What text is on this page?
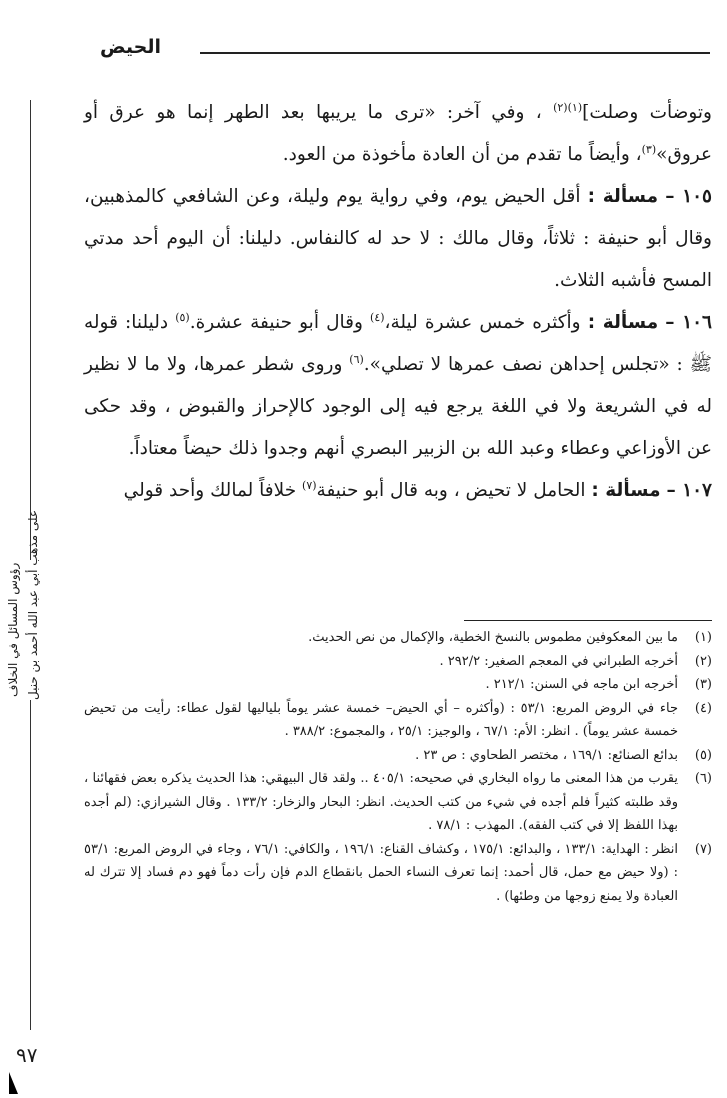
الحيض
رؤوس المسائل في الخلاف على مذهب أبي عبد الله أحمد بن حنبل

وتوضأت وصلت]$^{(١)(٢)}$ ، وفي آخر: «ترى ما يريبها بعد الطهر إنما هو عرق أو عروق»$^{(٣)}$، وأيضاً ما تقدم من أن العادة مأخوذة من العود.

١٠٥ – مسألة : أقل الحيض يوم، وفي رواية يوم وليلة، وعن الشافعي كالمذهبين، وقال أبو حنيفة : ثلاثاً، وقال مالك : لا حد له كالنفاس. دليلنا: أن اليوم أحد مدتي المسح فأشبه الثلاث.

١٠٦ – مسألة : وأكثره خمس عشرة ليلة،$^{(٤)}$ وقال أبو حنيفة عشرة.$^{(٥)}$ دليلنا: قوله ﷺ : «تجلس إحداهن نصف عمرها لا تصلي».$^{(٦)}$ وروى شطر عمرها، ولا ما لا نظير له في الشريعة ولا في اللغة يرجع فيه إلى الوجود كالإحراز والقبوض ، وقد حكى عن الأوزاعي وعطاء وعبد الله بن الزبير البصري أنهم وجدوا ذلك حيضاً معتاداً.

١٠٧ – مسألة : الحامل لا تحيض ، وبه قال أبو حنيفة$^{(٧)}$ خلافاً لمالك وأحد قولي

(١)
ما بين المعكوفين مطموس بالنسخ الخطية، والإكمال من نص الحديث.

(٢)
أخرجه الطبراني في المعجم الصغير: ٢٩٢/٢ .

(٣)
أخرجه ابن ماجه في السنن: ٢١٢/١ .

(٤)
جاء في الروض المربع: ٥٣/١ : (وأكثره – أي الحيض– خمسة عشر يوماً بلياليها لقول عطاء: رأيت من تحيض خمسة عشر يوماً) . انظر: الأم: ٦٧/١ ، والوجيز: ٢٥/١ ، والمجموع: ٣٨٨/٢ .

(٥)
بدائع الصنائع: ١٦٩/١ ، مختصر الطحاوي : ص ٢٣ .

(٦)
يقرب من هذا المعنى ما رواه البخاري في صحيحه: ٤٠٥/١ .. ولقد قال البيهقي: هذا الحديث يذكره بعض فقهائنا ، وقد طلبته كثيراً فلم أجده في شيء من كتب الحديث. انظر: البحار والزخار: ١٣٣/٢ . وقال الشيرازي: (لم أجده بهذا اللفظ إلا في كتب الفقه). المهذب : ٧٨/١ .

(٧)
انظر : الهداية: ١٣٣/١ ، والبدائع: ١٧٥/١ ، وكشاف القناع: ١٩٦/١ ، والكافي: ٧٦/١ ، وجاء في الروض المربع: ٥٣/١ : (ولا حيض مع حمل، قال أحمد: إنما تعرف النساء الحمل بانقطاع الدم فإن رأت دماً فهو دم فساد إلا تترك له العبادة ولا يمنع زوجها من وطئها) .

٩٧
